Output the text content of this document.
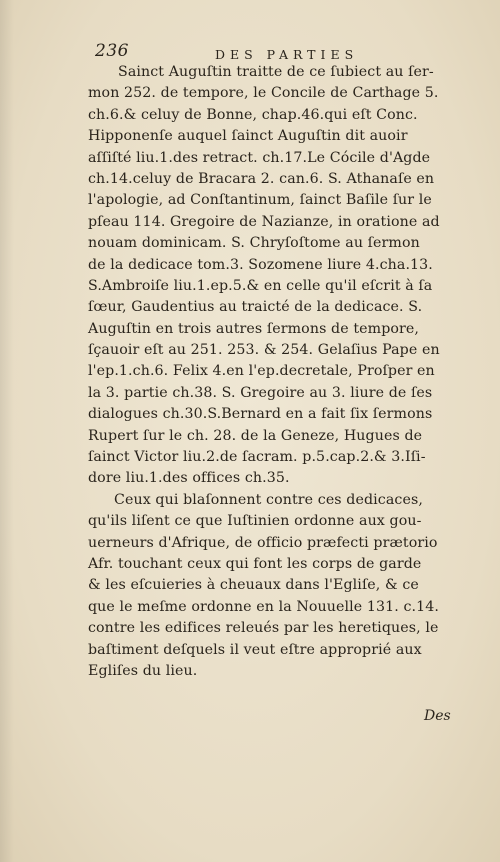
236	DES PARTIES
Sainct Auguſtin traitte de ce ſubiect au ſer-
mon 252. de tempore, le Concile de Carthage 5.
ch.6.& celuy de Bonne, chap.46.qui eſt Conc.
Hipponenſe auquel ſainct Auguſtin dit auoir
aſſiſté liu.1.des retract. ch.17.Le Cócile d'Agde
ch.14.celuy de Bracara 2. can.6. S. Athanaſe en
l'apologie, ad Conſtantinum, ſainct Baſile ſur le
pſeau 114. Gregoire de Nazianze, in oratione ad
nouam dominicam. S. Chryſoſtome au ſermon
de la dedicace tom.3. Sozomene liure 4.cha.13.
S.Ambroiſe liu.1.ep.5.& en celle qu'il eſcrit à ſa
ſœur, Gaudentius au traicté de la dedicace. S.
Auguſtin en trois autres ſermons de tempore,
ſçauoir eſt au 251. 253. & 254. Gelaſius Pape en
l'ep.1.ch.6. Felix 4.en l'ep.decretale, Proſper en
la 3. partie ch.38. S. Gregoire au 3. liure de ſes
dialogues ch.30.S.Bernard en a fait ſix ſermons
Rupert ſur le ch. 28. de la Geneze, Hugues de
ſainct Victor liu.2.de ſacram. p.5.cap.2.& 3.Iſi-
dore liu.1.des offices ch.35.
Ceux qui blaſonnent contre ces dedicaces,
qu'ils liſent ce que Iuſtinien ordonne aux gou-
uerneurs d'Afrique, de officio præfecti prætorio
Afr. touchant ceux qui font les corps de garde
& les eſcuieries à cheuaux dans l'Egliſe, & ce
que le meſme ordonne en la Nouuelle 131. c.14.
contre les edifices releués par les heretiques, le
baſtiment deſquels il veut eſtre approprié aux
Egliſes du lieu.
Des
